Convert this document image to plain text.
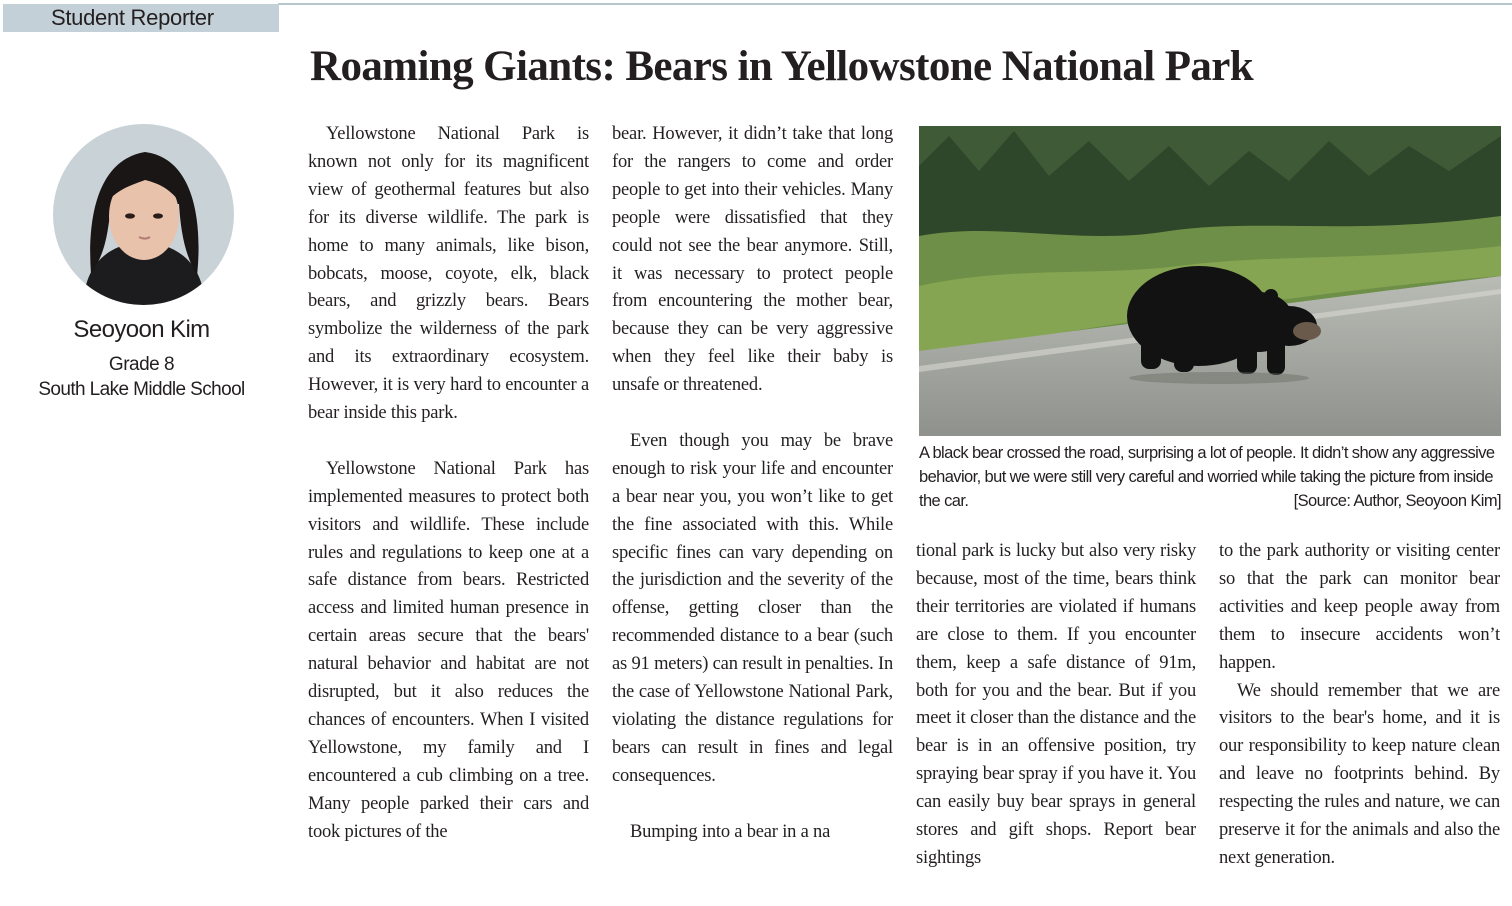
Student Reporter
Roaming Giants: Bears in Yellowstone National Park
Seoyoon Kim
Grade 8
South Lake Middle School

Yellowstone National Park is known not only for its magnificent view of geothermal features but also for its diverse wildlife. The park is home to many animals, like bison, bobcats, moose, coyote, elk, black bears, and grizzly bears. Bears symbolize the wilderness of the park and its extraordinary ecosystem. However, it is very hard to encounter a bear inside this park.

Yellowstone National Park has implemented measures to protect both visitors and wildlife. These include rules and regulations to keep one at a safe distance from bears. Restricted access and limited human presence in certain areas secure that the bears' natural behavior and habitat are not disrupted, but it also reduces the chances of encounters. When I visited Yellowstone, my family and I encountered a cub climbing on a tree. Many people parked their cars and took pictures of the

bear. However, it didn’t take that long for the rangers to come and order people to get into their vehicles. Many people were dissatisfied that they could not see the bear anymore. Still, it was necessary to protect people from encountering the mother bear, because they can be very aggressive when they feel like their baby is unsafe or threatened.

Even though you may be brave enough to risk your life and encounter a bear near you, you won’t like to get the fine associated with this. While specific fines can vary depending on the jurisdiction and the severity of the offense, getting closer than the recommended distance to a bear (such as 91 meters) can result in penalties. In the case of Yellowstone National Park, violating the distance regulations for bears can result in fines and legal consequences.

Bumping into a bear in a na

A black bear crossed the road, surprising a lot of people. It didn’t show any aggressive behavior, but we were still very careful and worried while taking the picture from inside the car.	[Source: Author, Seoyoon Kim]

tional park is lucky but also very risky because, most of the time, bears think their territories are violated if humans are close to them. If you encounter them, keep a safe distance of 91m, both for you and the bear. But if you meet it closer than the distance and the bear is in an offensive position, try spraying bear spray if you have it. You can easily buy bear sprays in general stores and gift shops. Report bear sightings

to the park authority or visiting center so that the park can monitor bear activities and keep people away from them to insecure accidents won’t happen.

We should remember that we are visitors to the bear's home, and it is our responsibility to keep nature clean and leave no footprints behind. By respecting the rules and nature, we can preserve it for the animals and also the next generation.
